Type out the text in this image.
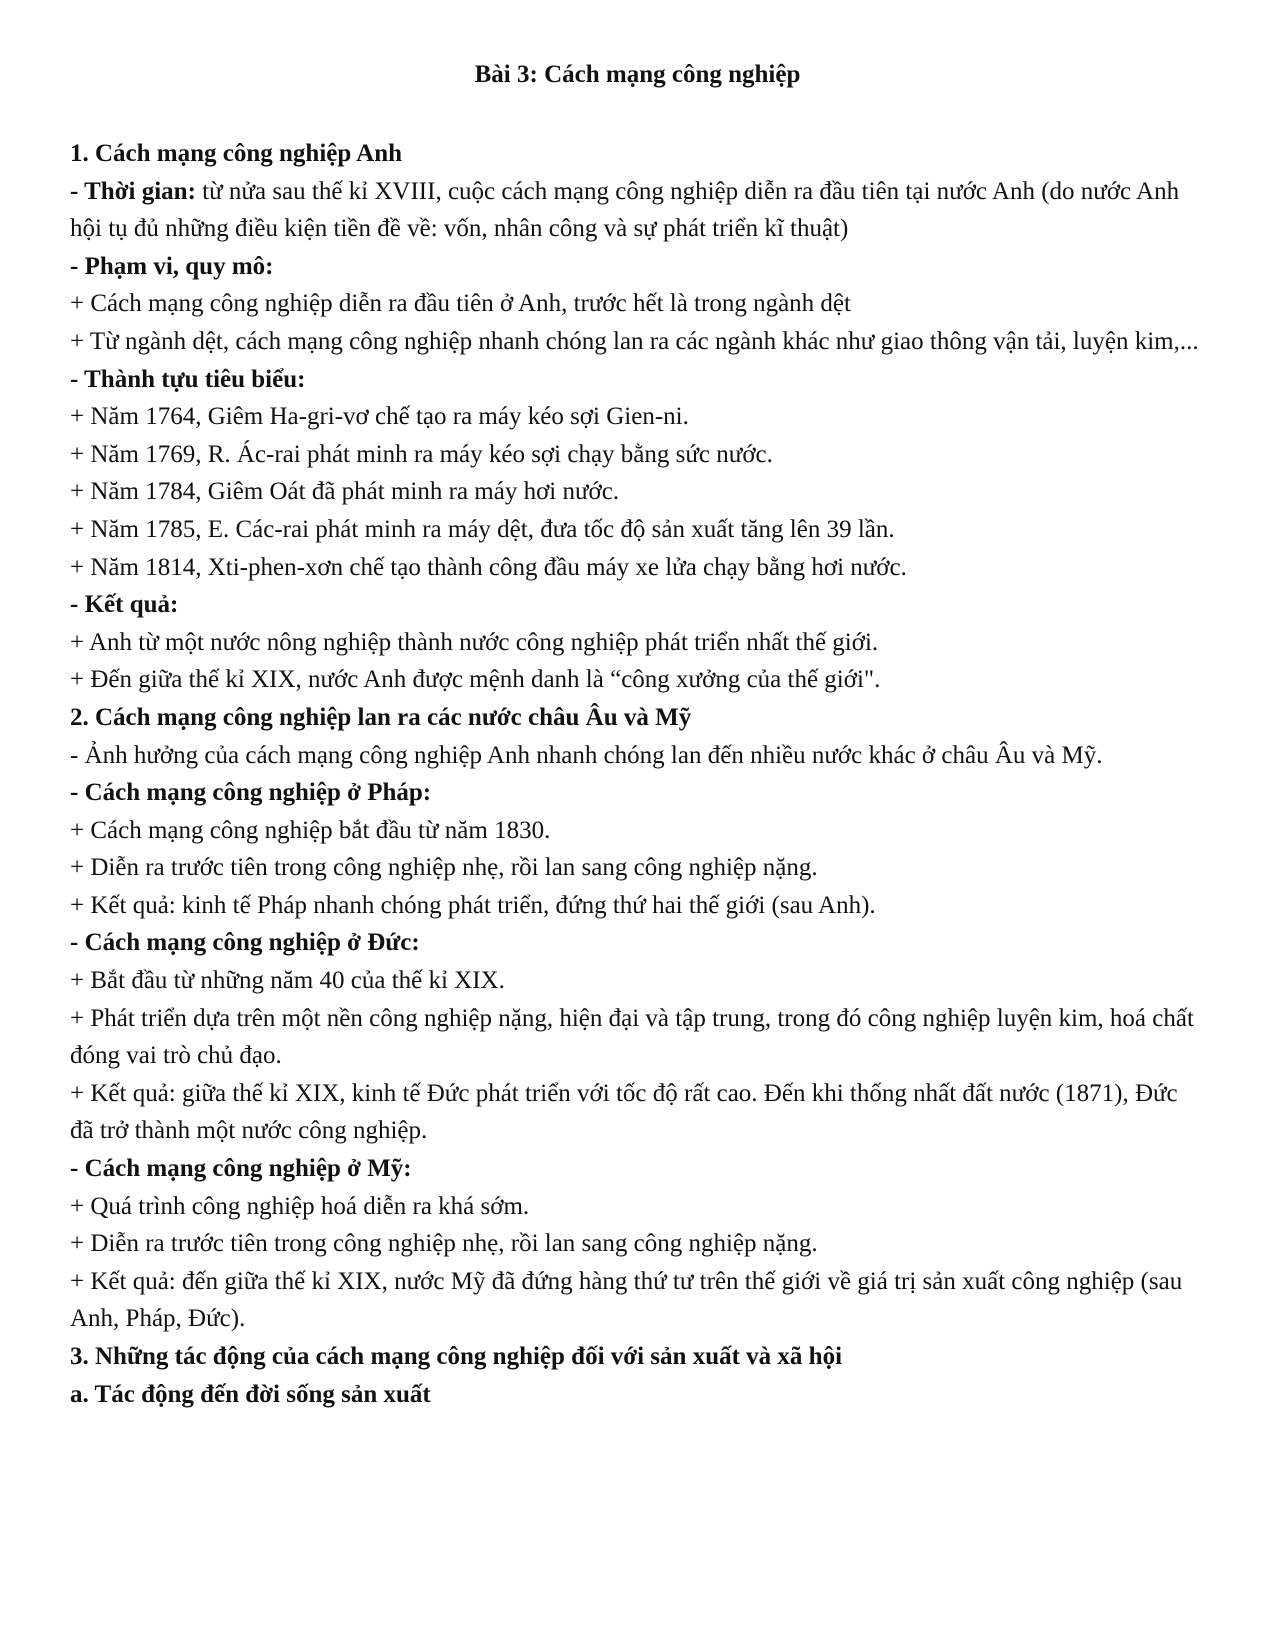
Bài 3: Cách mạng công nghiệp

1. Cách mạng công nghiệp Anh

- Thời gian: từ nửa sau thế kỉ XVIII, cuộc cách mạng công nghiệp diễn ra đầu tiên tại nước Anh (do nước Anh hội tụ đủ những điều kiện tiền đề về: vốn, nhân công và sự phát triển kĩ thuật)

- Phạm vi, quy mô:

+ Cách mạng công nghiệp diễn ra đầu tiên ở Anh, trước hết là trong ngành dệt

+ Từ ngành dệt, cách mạng công nghiệp nhanh chóng lan ra các ngành khác như giao thông vận tải, luyện kim,...

- Thành tựu tiêu biểu:

+ Năm 1764, Giêm Ha-gri-vơ chế tạo ra máy kéo sợi Gien-ni.

+ Năm 1769, R. Ác-rai phát minh ra máy kéo sợi chạy bằng sức nước.

+ Năm 1784, Giêm Oát đã phát minh ra máy hơi nước.

+ Năm 1785, E. Các-rai phát minh ra máy dệt, đưa tốc độ sản xuất tăng lên 39 lần.

+ Năm 1814, Xti-phen-xơn chế tạo thành công đầu máy xe lửa chạy bằng hơi nước.

- Kết quả:

+ Anh từ một nước nông nghiệp thành nước công nghiệp phát triển nhất thế giới.

+ Đến giữa thế kỉ XIX, nước Anh được mệnh danh là “công xưởng của thế giới".

2. Cách mạng công nghiệp lan ra các nước châu Âu và Mỹ

- Ảnh hưởng của cách mạng công nghiệp Anh nhanh chóng lan đến nhiều nước khác ở châu Âu và Mỹ.

- Cách mạng công nghiệp ở Pháp:

+ Cách mạng công nghiệp bắt đầu từ năm 1830.

+ Diễn ra trước tiên trong công nghiệp nhẹ, rồi lan sang công nghiệp nặng.

+ Kết quả: kinh tế Pháp nhanh chóng phát triển, đứng thứ hai thế giới (sau Anh).

- Cách mạng công nghiệp ở Đức:

+ Bắt đầu từ những năm 40 của thế kỉ XIX.

+ Phát triển dựa trên một nền công nghiệp nặng, hiện đại và tập trung, trong đó công nghiệp luyện kim, hoá chất đóng vai trò chủ đạo.

+ Kết quả: giữa thế kỉ XIX, kinh tế Đức phát triển với tốc độ rất cao. Đến khi thống nhất đất nước (1871), Đức đã trở thành một nước công nghiệp.

- Cách mạng công nghiệp ở Mỹ:

+ Quá trình công nghiệp hoá diễn ra khá sớm.

+ Diễn ra trước tiên trong công nghiệp nhẹ, rồi lan sang công nghiệp nặng.

+ Kết quả: đến giữa thế kỉ XIX, nước Mỹ đã đứng hàng thứ tư trên thế giới về giá trị sản xuất công nghiệp (sau Anh, Pháp, Đức).

3. Những tác động của cách mạng công nghiệp đối với sản xuất và xã hội

a. Tác động đến đời sống sản xuất
